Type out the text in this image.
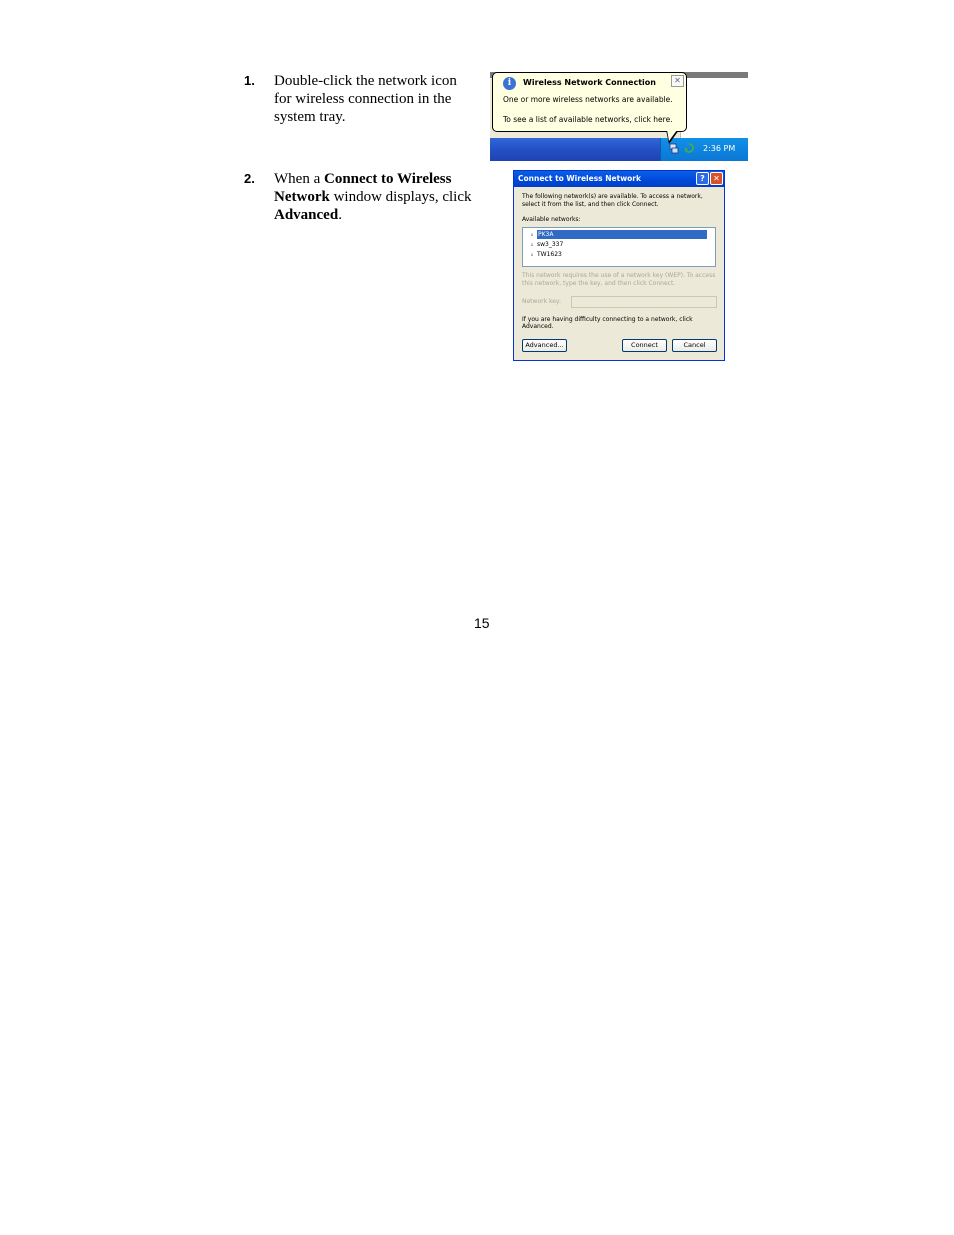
1. Double-click the network icon for wireless connection in the system tray.
2. When a Connect to Wireless Network window displays, click Advanced.
2:36 PM
i	Wireless Network Connection	✕
One or more wireless networks are available.
To see a list of available networks, click here.
Connect to Wireless Network	?	✕
The following network(s) are available. To access a network, select it from the list, and then click Connect.
Available networks:
ꜟ PK3A
ꜟ sw3_337
ꜟ TW1623
This network requires the use of a network key (WEP). To access this network, type the key, and then click Connect.
Network key:
If you are having difficulty connecting to a network, click Advanced.
Advanced...	Connect	Cancel
15
